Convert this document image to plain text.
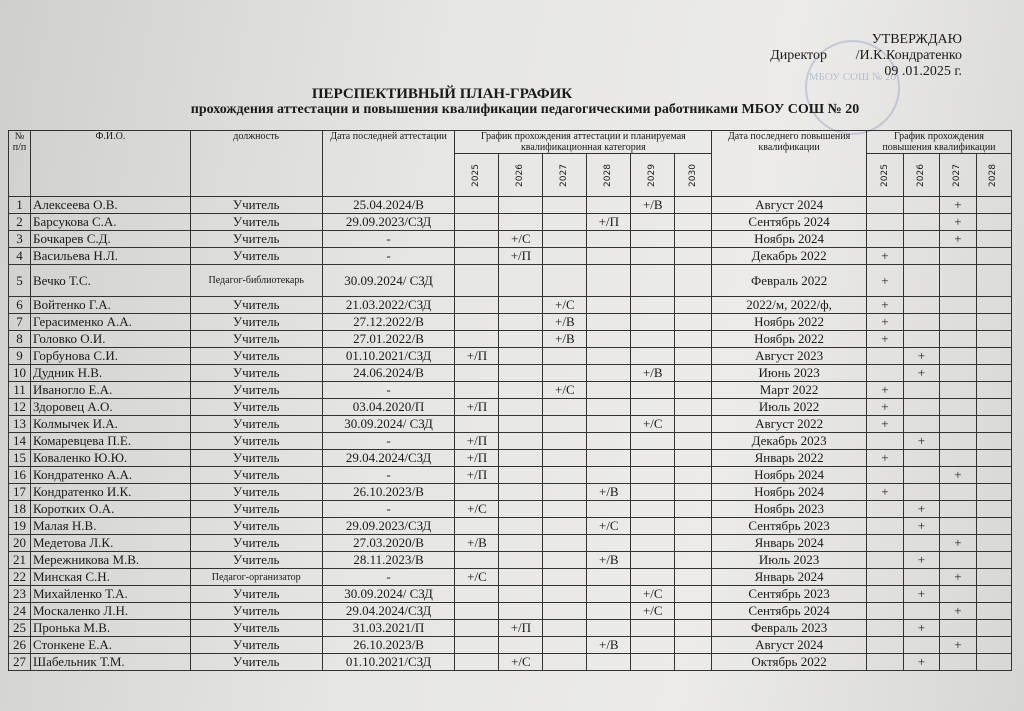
МБОУ СОШ № 20
УТВЕРЖДАЮ
/И.К.Кондратенко
09 .01.2025 г.
Директор
ПЕРСПЕКТИВНЫЙ ПЛАН-ГРАФИК
прохождения аттестации и повышения квалификации педагогическими работниками МБОУ СОШ № 20
№ п/п	Ф.И.О.	должность	Дата последней аттестации	График прохождения аттестации и планируемая квалификационная категория						Дата последнего повышения квалификации	График прохождения повышения квалификации			
				2025	2026	2027	2028	2029	2030		2025	2026	2027	2028
1	Алексеева О.В.	Учитель	25.04.2024/В					+/В		Август 2024			+	
2	Барсукова С.А.	Учитель	29.09.2023/СЗД				+/П			Сентябрь 2024			+	
3	Бочкарев С.Д.	Учитель	-		+/С					Ноябрь 2024			+	
4	Васильева Н.Л.	Учитель	-		+/П					Декабрь 2022	+			
5	Вечко Т.С.	Педагог-библиотекарь	30.09.2024/ СЗД							Февраль 2022	+			
6	Войтенко Г.А.	Учитель	21.03.2022/СЗД			+/С				2022/м, 2022/ф,	+			
7	Герасименко А.А.	Учитель	27.12.2022/В			+/В				Ноябрь 2022	+			
8	Головко О.И.	Учитель	27.01.2022/В			+/В				Ноябрь 2022	+			
9	Горбунова С.И.	Учитель	01.10.2021/СЗД	+/П						Август 2023		+		
10	Дудник Н.В.	Учитель	24.06.2024/В					+/В		Июнь 2023		+		
11	Иваногло Е.А.	Учитель	-			+/С				Март 2022	+			
12	Здоровец А.О.	Учитель	03.04.2020/П	+/П						Июль 2022	+			
13	Колмычек И.А.	Учитель	30.09.2024/ СЗД					+/С		Август 2022	+			
14	Комаревцева П.Е.	Учитель	-	+/П						Декабрь 2023		+		
15	Коваленко Ю.Ю.	Учитель	29.04.2024/СЗД	+/П						Январь 2022	+			
16	Кондратенко А.А.	Учитель	-	+/П						Ноябрь 2024			+	
17	Кондратенко И.К.	Учитель	26.10.2023/В				+/В			Ноябрь 2024	+			
18	Коротких О.А.	Учитель	-	+/С						Ноябрь 2023		+		
19	Малая Н.В.	Учитель	29.09.2023/СЗД				+/С			Сентябрь 2023		+		
20	Медетова Л.К.	Учитель	27.03.2020/В	+/В						Январь 2024			+	
21	Мережникова М.В.	Учитель	28.11.2023/В				+/В			Июль 2023		+		
22	Минская С.Н.	Педагог-организатор	-	+/С						Январь 2024			+	
23	Михайленко Т.А.	Учитель	30.09.2024/ СЗД					+/С		Сентябрь 2023		+		
24	Москаленко Л.Н.	Учитель	29.04.2024/СЗД					+/С		Сентябрь 2024			+	
25	Пронька М.В.	Учитель	31.03.2021/П		+/П					Февраль 2023		+		
26	Стонкене Е.А.	Учитель	26.10.2023/В				+/В			Август 2024			+	
27	Шабельник Т.М.	Учитель	01.10.2021/СЗД		+/С					Октябрь 2022		+		
